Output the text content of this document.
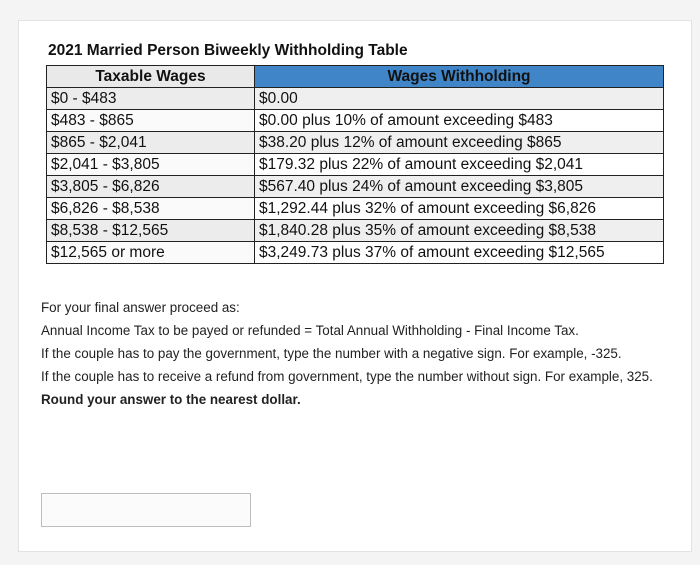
2021 Married Person Biweekly Withholding Table
Taxable Wages	Wages Withholding
$0 - $483	$0.00
$483 - $865	$0.00 plus 10% of amount exceeding $483
$865 - $2,041	$38.20 plus 12% of amount exceeding $865
$2,041 - $3,805	$179.32 plus 22% of amount exceeding $2,041
$3,805 - $6,826	$567.40 plus 24% of amount exceeding $3,805
$6,826 - $8,538	$1,292.44 plus 32% of amount exceeding $6,826
$8,538 - $12,565	$1,840.28 plus 35% of amount exceeding $8,538
$12,565 or more	$3,249.73 plus 37% of amount exceeding $12,565

For your final answer proceed as:

Annual Income Tax to be payed or refunded = Total Annual Withholding - Final Income Tax.

If the couple has to pay the government, type the number with a negative sign. For example, -325.

If the couple has to receive a refund from government, type the number without sign. For example, 325.

Round your answer to the nearest dollar.
